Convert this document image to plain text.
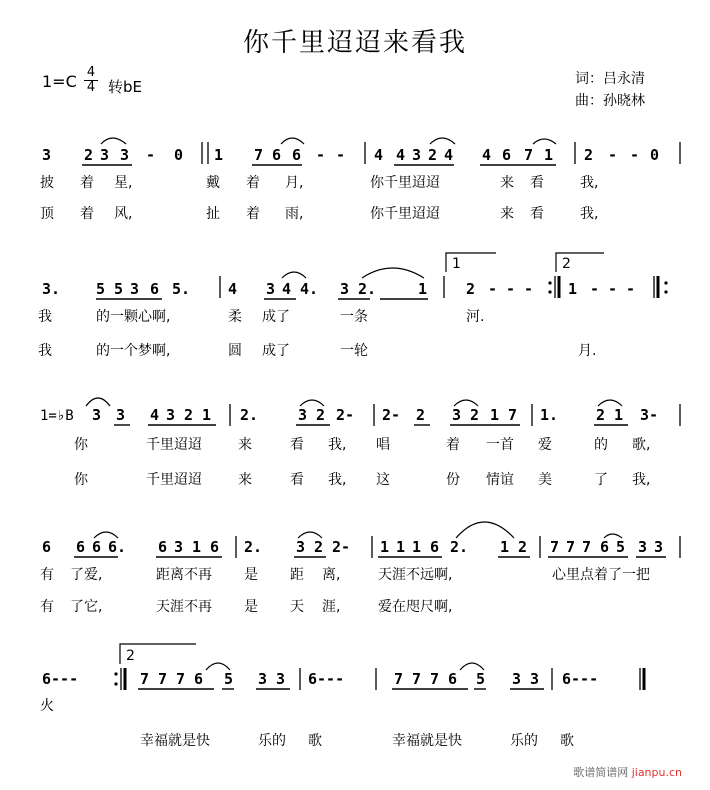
你千里迢迢来看我
1=C 4
4 转bE	词：吕永清
曲：孙晓林
3 2 3 3 - 0 1 7 6 6 - - 4 4 3 2 4 4 6 7 1 2 - - 0
披 着 星,	戴 着 月,	你千里迢迢	来 看	我,
顶 着 风,	扯 着 雨,	你千里迢迢	来 看	我,
1	2
3. 5 5 3 6 5.	4 3 4 4. 3 2.	1	2 - - - 1 - - -
我	的一颗心啊,	柔 成了	一条	河.
我	的一个梦啊,	圆 成了	一轮	月.
1=♭B 3 3 4 3 2 1 2.	3 2 2- 2- 2 3 2 1 7 1.	2 1 3-
你	千里迢迢	来	看 我, 唱	着 一首 爱	的 歌,
你	千里迢迢	来	看 我, 这	份 情谊 美	了 我,
6 6 6 6. 6 3 1 6 2. 3 2 2- 1 1 1 6 2. 1 2 7 7 7 6 5 3 3
有 了爱,	距离不再 是 距 离,	天涯不远啊,	心里点着了一把
有 了它,	天涯不再 是 天 涯,	爱在咫尺啊,
2
6---	7 7 7 6 5 3 3 6---	7 7 7 6 5 3 3 6---
火
幸福就是快	乐的 歌	幸福就是快	乐的 歌
歌谱简谱网 jianpu.cn
